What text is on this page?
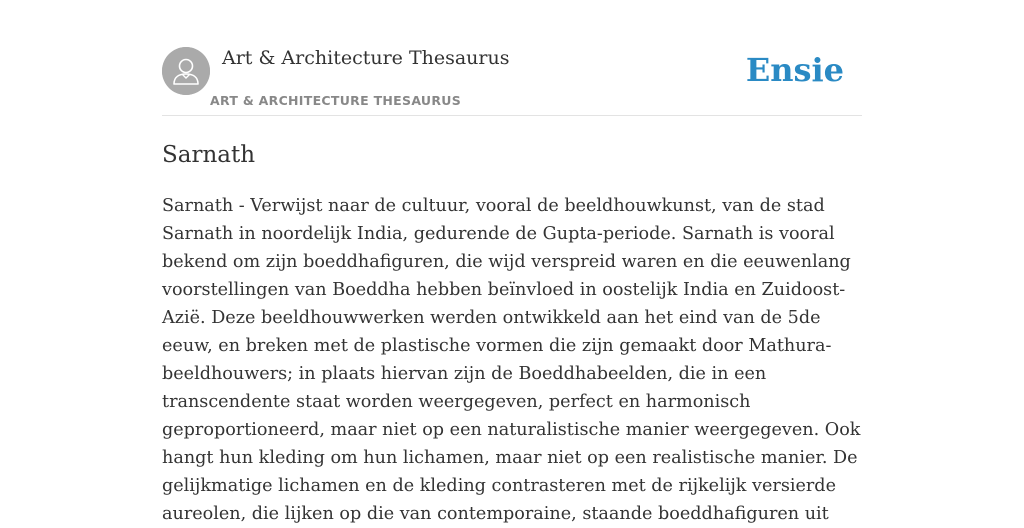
Art & Architecture Thesaurus
ART & ARCHITECTURE THESAURUS
Ensie
Sarnath

Sarnath - Verwijst naar de cultuur, vooral de beeldhouwkunst, van de stad Sarnath in noordelijk India, gedurende de Gupta-periode. Sarnath is vooral bekend om zijn boeddhafiguren, die wijd verspreid waren en die eeuwenlang voorstellingen van Boeddha hebben beïnvloed in oostelijk India en Zuidoost-Azië. Deze beeldhouwwerken werden ontwikkeld aan het eind van de 5de eeuw, en breken met de plastische vormen die zijn gemaakt door Mathura-beeldhouwers; in plaats hiervan zijn de Boeddhabeelden, die in een transcendente staat worden weergegeven, perfect en harmonisch geproportioneerd, maar niet op een naturalistische manier weergegeven. Ook hangt hun kleding om hun lichamen, maar niet op een realistische manier. De gelijkmatige lichamen en de kleding contrasteren met de rijkelijk versierde aureolen, die lijken op die van contemporaine, staande boeddhafiguren uit
